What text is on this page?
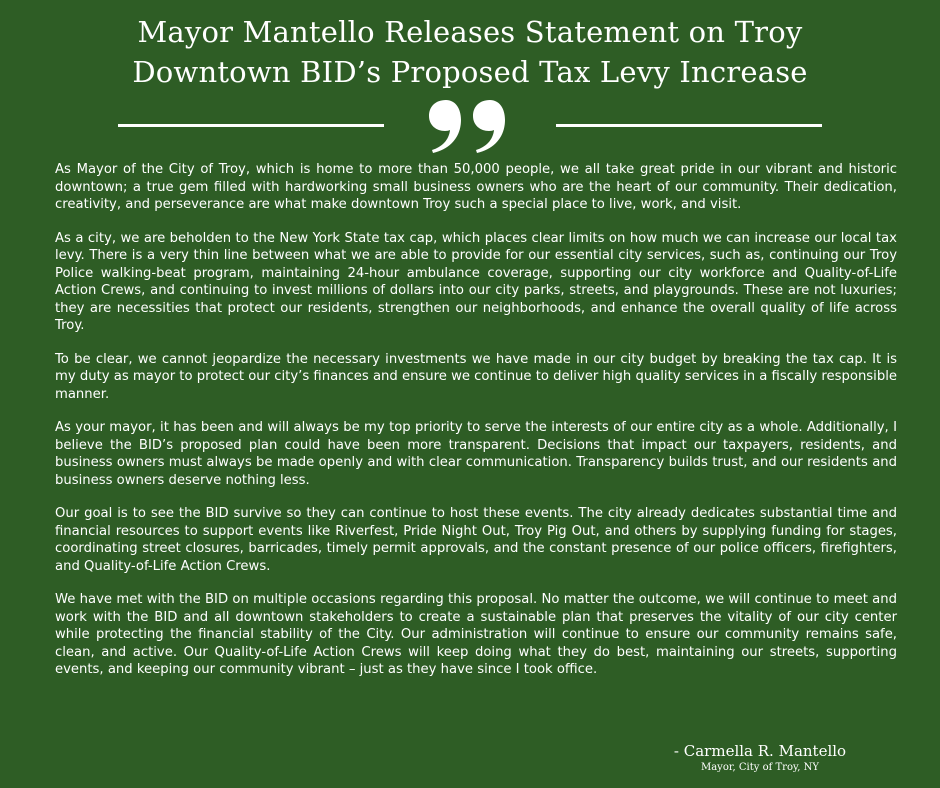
Mayor Mantello Releases Statement on Troy
Downtown BID’s Proposed Tax Levy Increase

As Mayor of the City of Troy, which is home to more than 50,000 people, we all take great pride in our vibrant and historic downtown; a true gem filled with hardworking small business owners who are the heart of our community. Their dedication, creativity, and perseverance are what make downtown Troy such a special place to live, work, and visit.

As a city, we are beholden to the New York State tax cap, which places clear limits on how much we can increase our local tax levy. There is a very thin line between what we are able to provide for our essential city services, such as, continuing our Troy Police walking-beat program, maintaining 24-hour ambulance coverage, supporting our city workforce and Quality-of-Life Action Crews, and continuing to invest millions of dollars into our city parks, streets, and playgrounds. These are not luxuries; they are necessities that protect our residents, strengthen our neighborhoods, and enhance the overall quality of life across Troy.

To be clear, we cannot jeopardize the necessary investments we have made in our city budget by breaking the tax cap. It is my duty as mayor to protect our city’s finances and ensure we continue to deliver high quality services in a fiscally responsible manner.

As your mayor, it has been and will always be my top priority to serve the interests of our entire city as a whole. Additionally, I believe the BID’s proposed plan could have been more transparent. Decisions that impact our taxpayers, residents, and business owners must always be made openly and with clear communication. Transparency builds trust, and our residents and business owners deserve nothing less.

Our goal is to see the BID survive so they can continue to host these events. The city already dedicates substantial time and financial resources to support events like Riverfest, Pride Night Out, Troy Pig Out, and others by supplying funding for stages, coordinating street closures, barricades, timely permit approvals, and the constant presence of our police officers, firefighters, and Quality-of-Life Action Crews.

We have met with the BID on multiple occasions regarding this proposal. No matter the outcome, we will continue to meet and work with the BID and all downtown stakeholders to create a sustainable plan that preserves the vitality of our city center while protecting the financial stability of the City. Our administration will continue to ensure our community remains safe, clean, and active. Our Quality-of-Life Action Crews will keep doing what they do best, maintaining our streets, supporting events, and keeping our community vibrant – just as they have since I took office.

- Carmella R. Mantello
Mayor, City of Troy, NY
